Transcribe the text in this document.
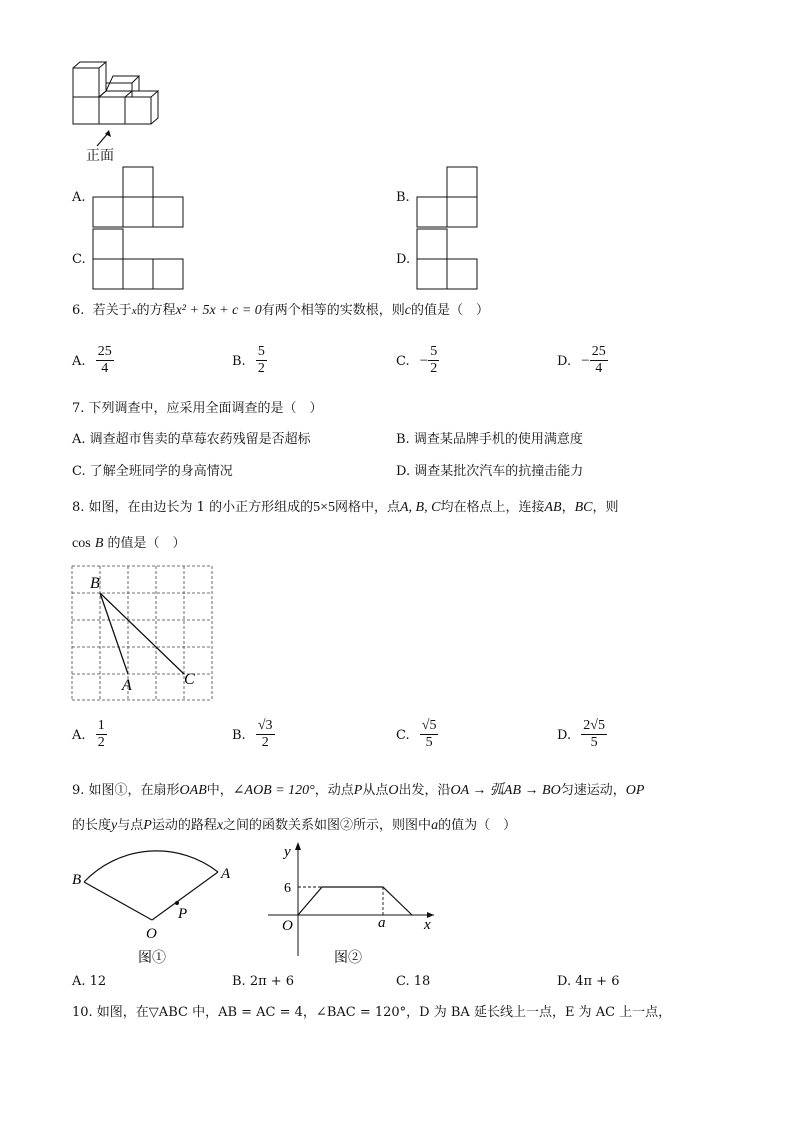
正面
A.	B.
C.	D.
6. 若关于x的方程x² + 5x + c = 0有两个相等的实数根，则c的值是（　）
A. $\frac{25}{4}$	B. $\frac{5}{2}$	C. − $\frac{5}{2}$	D. − $\frac{25}{4}$
7. 下列调查中，应采用全面调查的是（　）
A. 调查超市售卖的草莓农药残留是否超标	B. 调查某品牌手机的使用满意度
C. 了解全班同学的身高情况	D. 调查某批次汽车的抗撞击能力
8. 如图，在由边长为 1 的小正方形组成的5×5网格中，点A, B, C均在格点上，连接AB，BC，则
cos B 的值是（　）
B
A	C
A. $\frac{1}{2}$	B. $\frac{√3}{2}$	C. $\frac{√5}{5}$	D. $\frac{2√5}{5}$
9. 如图①，在扇形OAB中，∠AOB = 120°，动点P从点O出发，沿OA → 弧AB → BO匀速运动，OP
的长度y与点P运动的路程x之间的函数关系如图②所示，则图中a的值为（　）
B	A
P
O
图①
y
6
O	a	x
图②
A. 12	B. 2π + 6	C. 18	D. 4π + 6
10. 如图，在▽ABC 中，AB = AC = 4，∠BAC = 120°，D 为 BA 延长线上一点，E 为 AC 上一点，
